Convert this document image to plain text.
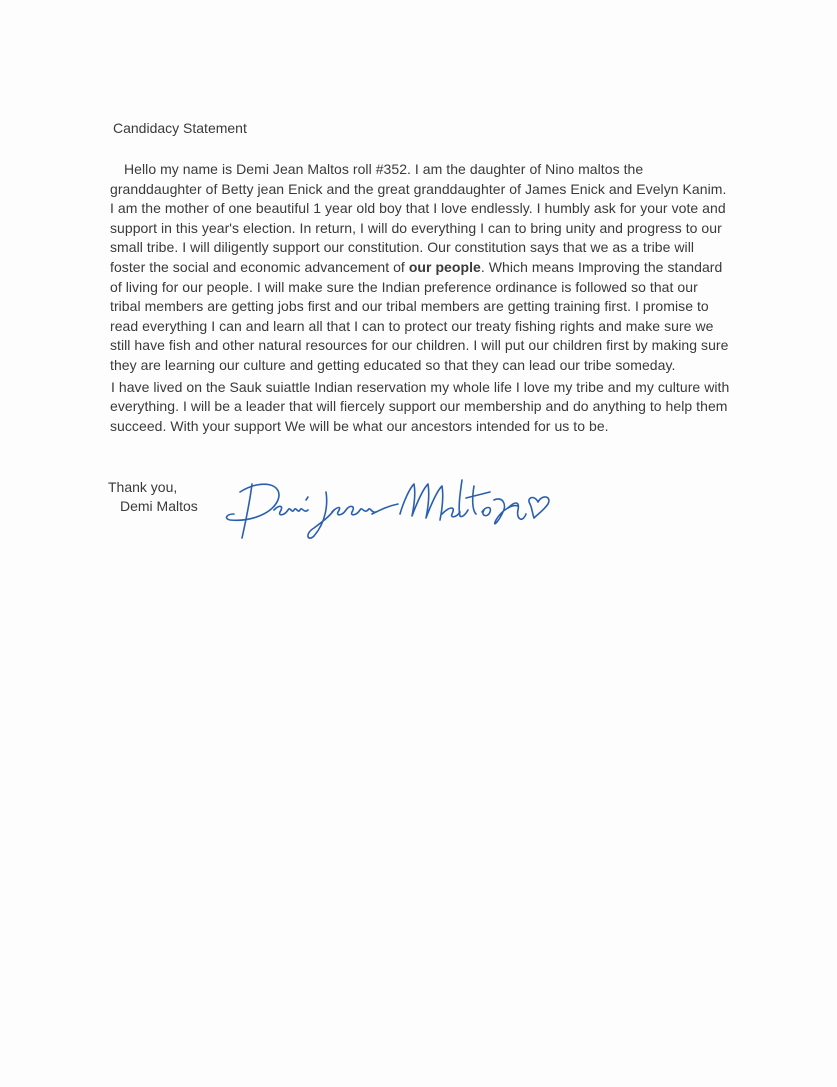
Candidacy Statement

Hello my name is Demi Jean Maltos roll #352. I am the daughter of Nino maltos the granddaughter of Betty jean Enick and the great granddaughter of James Enick and Evelyn Kanim. I am the mother of one beautiful 1 year old boy that I love endlessly. I humbly ask for your vote and support in this year's election. In return, I will do everything I can to bring unity and progress to our small tribe. I will diligently support our constitution. Our constitution says that we as a tribe will foster the social and economic advancement of our people. Which means Improving the standard of living for our people. I will make sure the Indian preference ordinance is followed so that our tribal members are getting jobs first and our tribal members are getting training first. I promise to read everything I can and learn all that I can to protect our treaty fishing rights and make sure we still have fish and other natural resources for our children. I will put our children first by making sure they are learning our culture and getting educated so that they can lead our tribe someday.

I have lived on the Sauk suiattle Indian reservation my whole life I love my tribe and my culture with everything. I will be a leader that will fiercely support our membership and do anything to help them succeed. With your support We will be what our ancestors intended for us to be.

Thank you,
Demi Maltos
